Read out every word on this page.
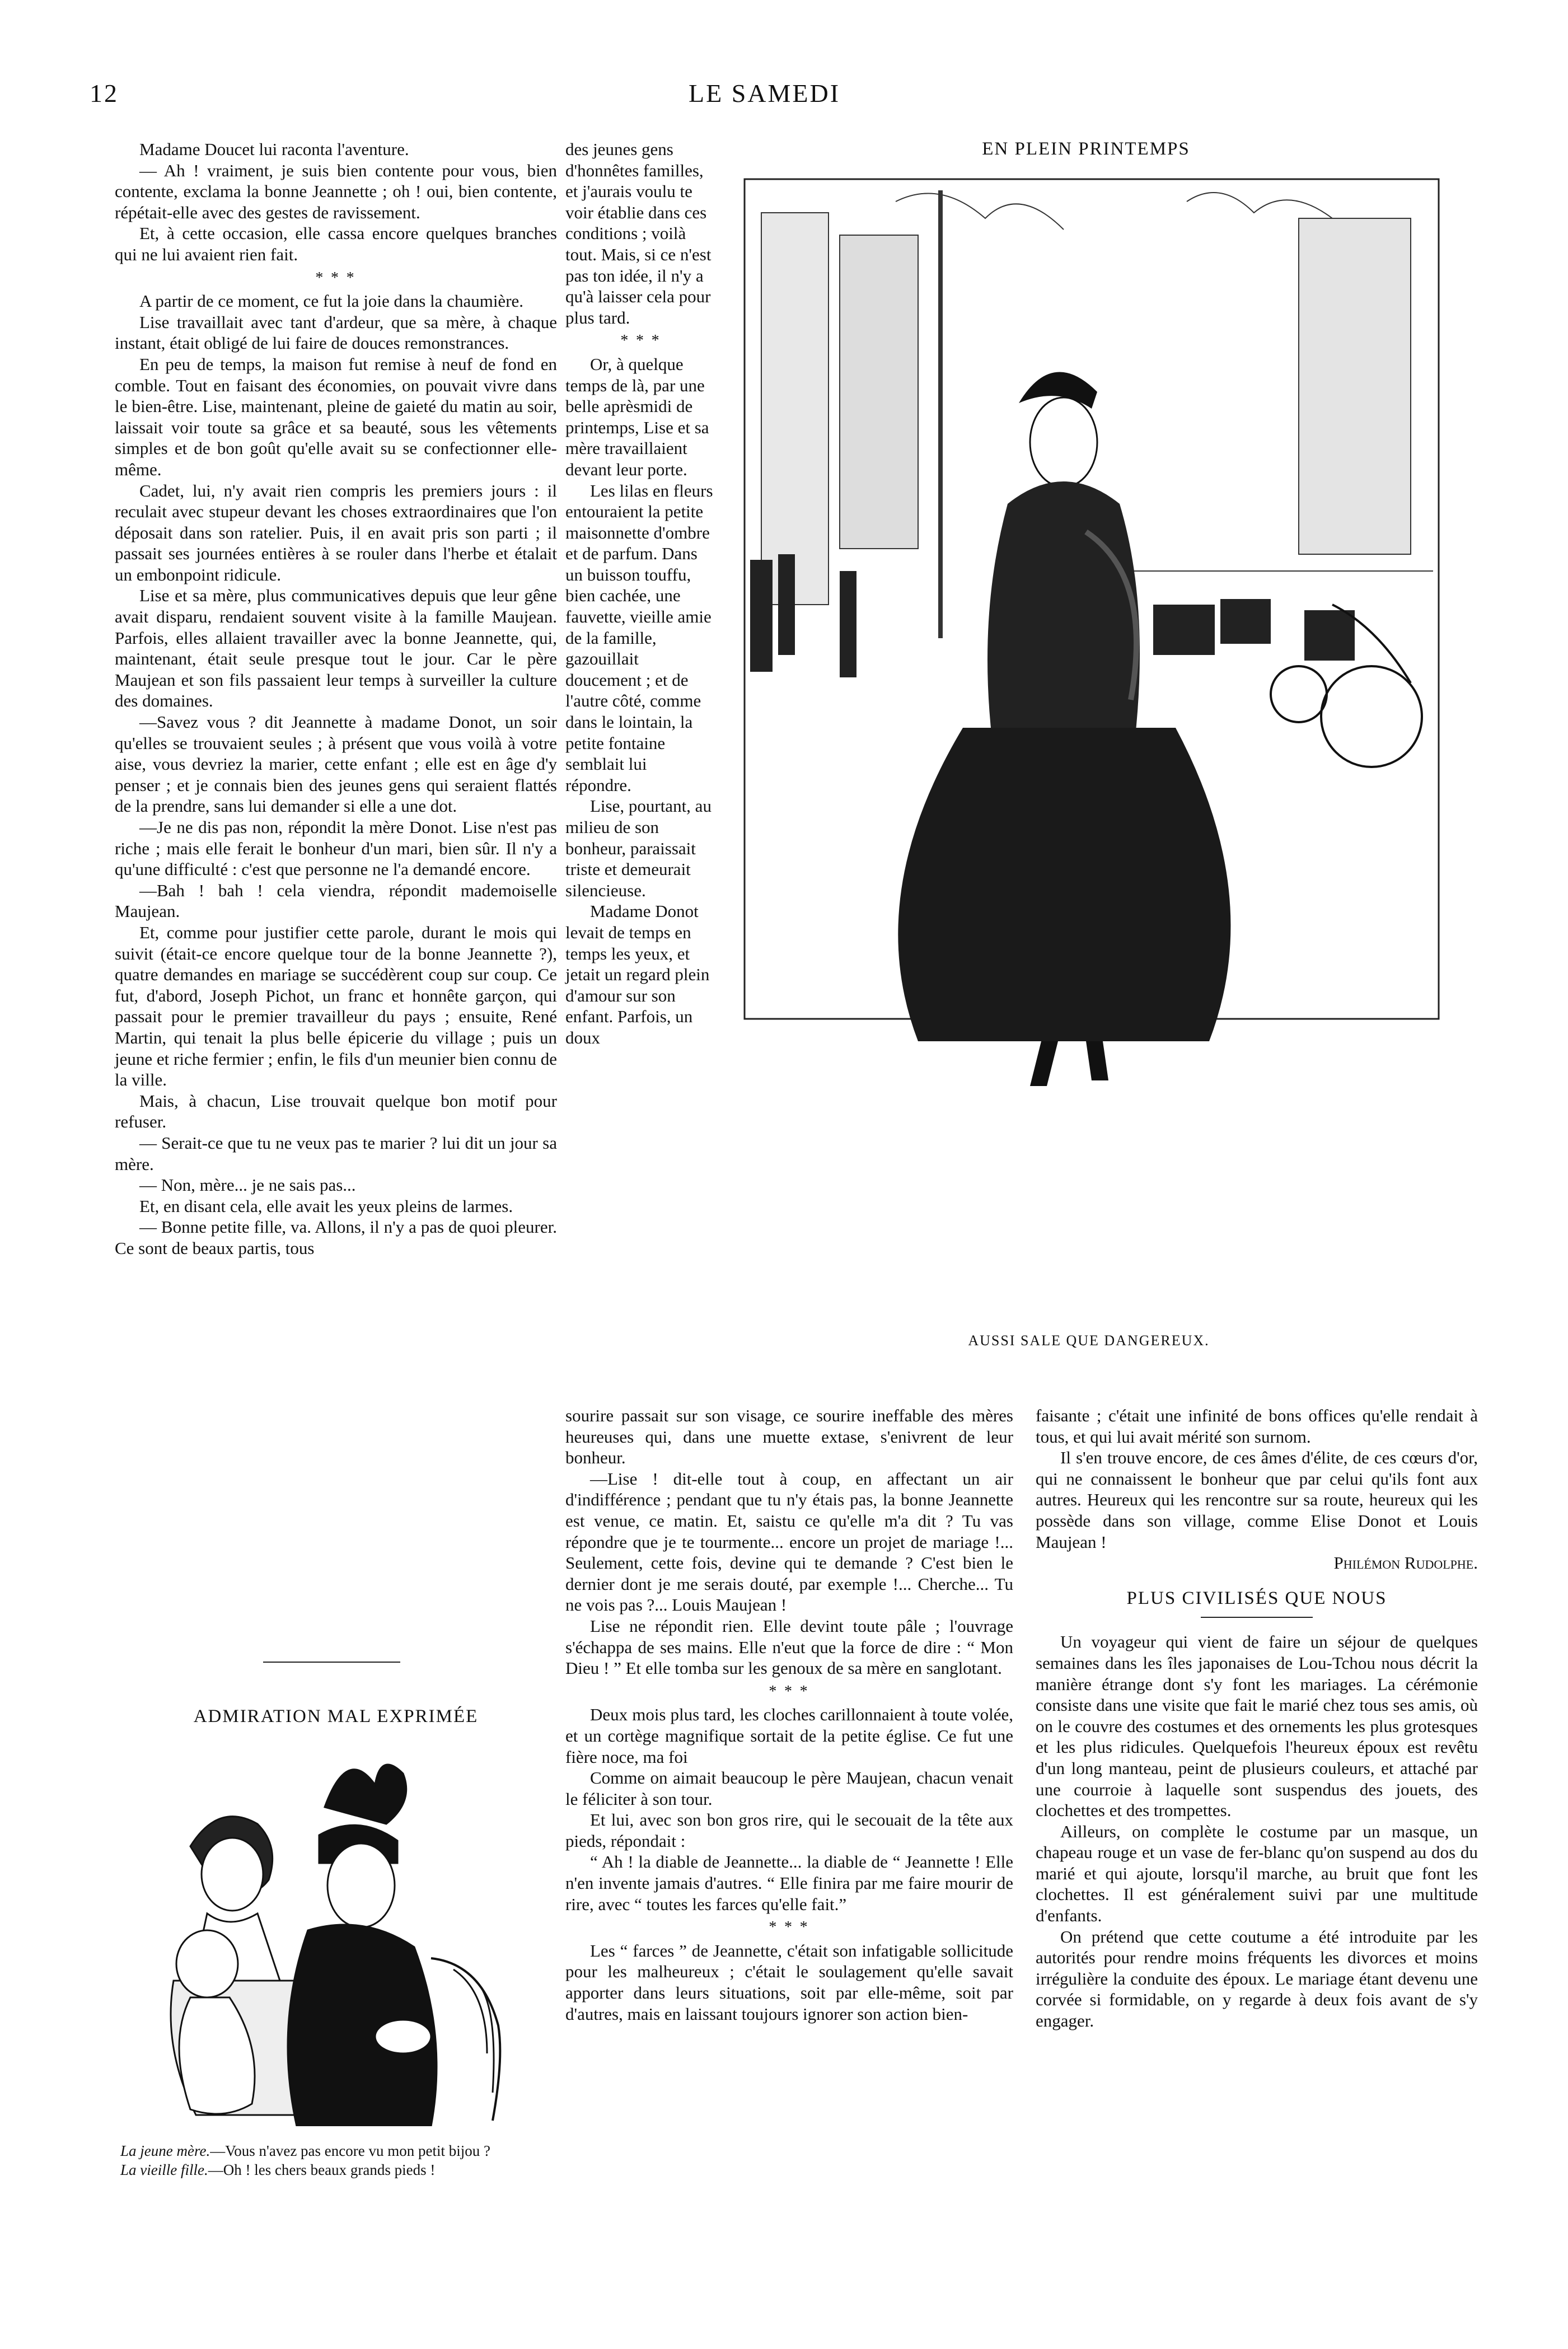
12	LE SAMEDI

Madame Doucet lui raconta l'aventure.

— Ah ! vraiment, je suis bien contente pour vous, bien contente, exclama la bonne Jeannette ; oh ! oui, bien contente, répétait-elle avec des gestes de ravissement.

Et, à cette occasion, elle cassa encore quelques branches qui ne lui avaient rien fait.

* * *

A partir de ce moment, ce fut la joie dans la chaumière.

Lise travaillait avec tant d'ardeur, que sa mère, à chaque instant, était obligé de lui faire de douces remonstrances.

En peu de temps, la maison fut remise à neuf de fond en comble. Tout en faisant des économies, on pouvait vivre dans le bien-être. Lise, maintenant, pleine de gaieté du matin au soir, laissait voir toute sa grâce et sa beauté, sous les vêtements simples et de bon goût qu'elle avait su se confectionner elle-même.

Cadet, lui, n'y avait rien compris les premiers jours : il reculait avec stupeur devant les choses extraordinaires que l'on déposait dans son ratelier. Puis, il en avait pris son parti ; il passait ses journées entières à se rouler dans l'herbe et étalait un embonpoint ridicule.

Lise et sa mère, plus communicatives depuis que leur gêne avait disparu, rendaient souvent visite à la famille Maujean. Parfois, elles allaient travailler avec la bonne Jeannette, qui, maintenant, était seule presque tout le jour. Car le père Maujean et son fils passaient leur temps à surveiller la culture des domaines.

—Savez vous ? dit Jeannette à madame Donot, un soir qu'elles se trouvaient seules ; à présent que vous voilà à votre aise, vous devriez la marier, cette enfant ; elle est en âge d'y penser ; et je connais bien des jeunes gens qui seraient flattés de la prendre, sans lui demander si elle a une dot.

—Je ne dis pas non, répondit la mère Donot. Lise n'est pas riche ; mais elle ferait le bonheur d'un mari, bien sûr. Il n'y a qu'une difficulté : c'est que personne ne l'a demandé encore.

—Bah ! bah ! cela viendra, répondit mademoiselle Maujean.

Et, comme pour justifier cette parole, durant le mois qui suivit (était-ce encore quelque tour de la bonne Jeannette ?), quatre demandes en mariage se succédèrent coup sur coup. Ce fut, d'abord, Joseph Pichot, un franc et honnête garçon, qui passait pour le premier travailleur du pays ; ensuite, René Martin, qui tenait la plus belle épicerie du village ; puis un jeune et riche fermier ; enfin, le fils d'un meunier bien connu de la ville.

Mais, à chacun, Lise trouvait quelque bon motif pour refuser.

— Serait-ce que tu ne veux pas te marier ? lui dit un jour sa mère.

— Non, mère... je ne sais pas...

Et, en disant cela, elle avait les yeux pleins de larmes.

— Bonne petite fille, va. Allons, il n'y a pas de quoi pleurer. Ce sont de beaux partis, tous

ADMIRATION MAL EXPRIMÉE
La jeune mère.—Vous n'avez pas encore vu mon petit bijou ?
La vieille fille.—Oh ! les chers beaux grands pieds !

des jeunes gens d'honnêtes familles, et j'aurais voulu te voir établie dans ces conditions ; voilà tout. Mais, si ce n'est pas ton idée, il n'y a qu'à laisser cela pour plus tard.

* * *

Or, à quelque temps de là, par une belle aprèsmidi de printemps, Lise et sa mère travaillaient devant leur porte.

Les lilas en fleurs entouraient la petite maisonnette d'ombre et de parfum. Dans un buisson touffu, bien cachée, une fauvette, vieille amie de la famille, gazouillait doucement ; et de l'autre côté, comme dans le lointain, la petite fontaine semblait lui répondre.

Lise, pourtant, au milieu de son bonheur, paraissait triste et demeurait silencieuse.

Madame Donot levait de temps en temps les yeux, et jetait un regard plein d'amour sur son enfant. Parfois, un doux

EN PLEIN PRINTEMPS
AUSSI SALE QUE DANGEREUX.

sourire passait sur son visage, ce sourire ineffable des mères heureuses qui, dans une muette extase, s'enivrent de leur bonheur.

—Lise ! dit-elle tout à coup, en affectant un air d'indifférence ; pendant que tu n'y étais pas, la bonne Jeannette est venue, ce matin. Et, saistu ce qu'elle m'a dit ? Tu vas répondre que je te tourmente... encore un projet de mariage !... Seulement, cette fois, devine qui te demande ? C'est bien le dernier dont je me serais douté, par exemple !... Cherche... Tu ne vois pas ?... Louis Maujean !

Lise ne répondit rien. Elle devint toute pâle ; l'ouvrage s'échappa de ses mains. Elle n'eut que la force de dire : “ Mon Dieu ! ” Et elle tomba sur les genoux de sa mère en sanglotant.

* * *

Deux mois plus tard, les cloches carillonnaient à toute volée, et un cortège magnifique sortait de la petite église. Ce fut une fière noce, ma foi

Comme on aimait beaucoup le père Maujean, chacun venait le féliciter à son tour.

Et lui, avec son bon gros rire, qui le secouait de la tête aux pieds, répondait :

“ Ah ! la diable de Jeannette... la diable de “ Jeannette ! Elle n'en invente jamais d'autres. “ Elle finira par me faire mourir de rire, avec “ toutes les farces qu'elle fait.”

* * *

Les “ farces ” de Jeannette, c'était son infatigable sollicitude pour les malheureux ; c'était le soulagement qu'elle savait apporter dans leurs situations, soit par elle-même, soit par d'autres, mais en laissant toujours ignorer son action bien-

faisante ; c'était une infinité de bons offices qu'elle rendait à tous, et qui lui avait mérité son surnom.

Il s'en trouve encore, de ces âmes d'élite, de ces cœurs d'or, qui ne connaissent le bonheur que par celui qu'ils font aux autres. Heureux qui les rencontre sur sa route, heureux qui les possède dans son village, comme Elise Donot et Louis Maujean !

Philémon Rudolphe.

PLUS CIVILISÉS QUE NOUS

Un voyageur qui vient de faire un séjour de quelques semaines dans les îles japonaises de Lou-Tchou nous décrit la manière étrange dont s'y font les mariages. La cérémonie consiste dans une visite que fait le marié chez tous ses amis, où on le couvre des costumes et des ornements les plus grotesques et les plus ridicules. Quelquefois l'heureux époux est revêtu d'un long manteau, peint de plusieurs couleurs, et attaché par une courroie à laquelle sont suspendus des jouets, des clochettes et des trompettes.

Ailleurs, on complète le costume par un masque, un chapeau rouge et un vase de fer-blanc qu'on suspend au dos du marié et qui ajoute, lorsqu'il marche, au bruit que font les clochettes. Il est généralement suivi par une multitude d'enfants.

On prétend que cette coutume a été introduite par les autorités pour rendre moins fréquents les divorces et moins irrégulière la conduite des époux. Le mariage étant devenu une corvée si formidable, on y regarde à deux fois avant de s'y engager.
